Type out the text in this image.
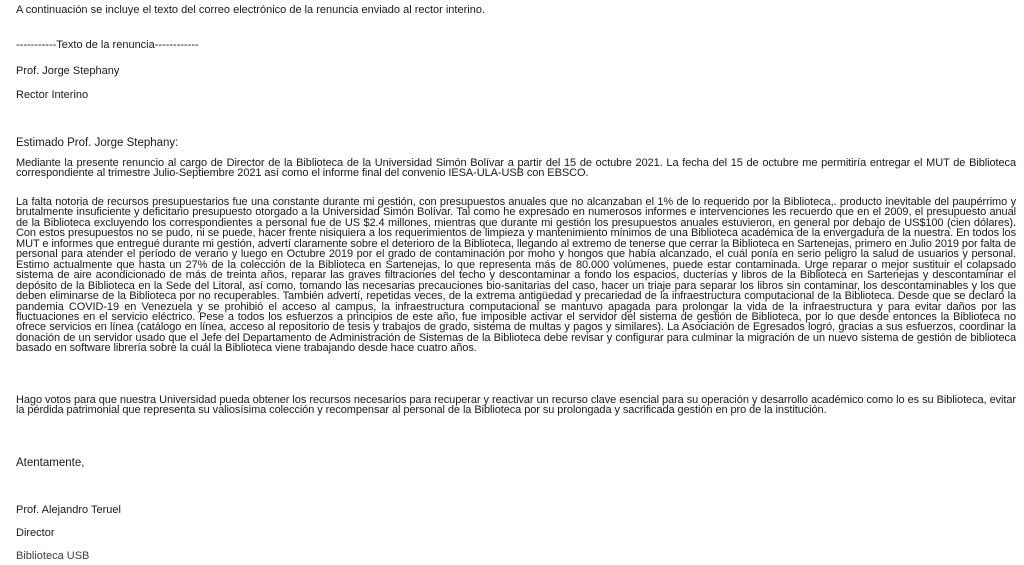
A continuación se incluye el texto del correo electrónico de la renuncia enviado al rector interino.
-----------Texto de la renuncia------------
Prof. Jorge Stephany
Rector Interino
Estimado Prof. Jorge Stephany:
Mediante la presente renuncio al cargo de Director de la Biblioteca de la Universidad Simón Bolívar a partir del 15 de octubre 2021. La fecha del 15 de octubre me permitiría entregar el MUT de Biblioteca correspondiente al trimestre Julio-Septiembre 2021 así como el informe final del convenio IESA-ULA-USB con EBSCO.
La falta notoria de recursos presupuestarios fue una constante durante mi gestión, con presupuestos anuales que no alcanzaban el 1% de lo requerido por la Biblioteca,. producto inevitable del paupérrimo y brutalmente insuficiente y deficitario presupuesto otorgado a la Universidad Simón Bolívar. Tal como he expresado en numerosos informes e intervenciones les recuerdo que en el 2009, el presupuesto anual de la Biblioteca excluyendo los correspondientes a personal fue de US $2.4 millones, mientras que durante mi gestión los presupuestos anuales estuvieron, en general por debajo de US$100 (cien dólares). Con estos presupuestos no se pudo, ni se puede, hacer frente nisiquiera a los requerimientos de limpieza y mantenimiento mínimos de una Biblioteca académica de la envergadura de la nuestra. En todos los MUT e informes que entregué durante mi gestión, advertí claramente sobre el deterioro de la Biblioteca, llegando al extremo de tenerse que cerrar la Biblioteca en Sartenejas, primero en Julio 2019 por falta de personal para atender el período de verano y luego en Octubre 2019 por el grado de contaminación por moho y hongos que había alcanzado, el cuál ponía en serio peligro la salud de usuarios y personal. Estimo actualmente que hasta un 27% de la colección de la Biblioteca en Sartenejas, lo que representa más de 80.000 volúmenes, puede estar contaminada. Urge reparar o mejor sustituir el colapsado sistema de aire acondicionado de más de treinta años, reparar las graves filtraciones del techo y descontaminar a fondo los espacios, ducterías y libros de la Biblioteca en Sartenejas y descontaminar el depósito de la Biblioteca en la Sede del Litoral, así como, tomando las necesarias precauciones bio-sanitarias del caso, hacer un triaje para separar los libros sin contaminar, los descontaminables y los que deben eliminarse de la Biblioteca por no recuperables. También advertí, repetidas veces, de la extrema antigüedad y precariedad de la infraestructura computacional de la Biblioteca. Desde que se declaró la pandemia COVID-19 en Venezuela y se prohibió el acceso al campus, la infraestructura computacional se mantuvo apagada para prolongar la vida de la infraestructura y para evitar daños por las fluctuaciones en el servicio eléctrico. Pese a todos los esfuerzos a principios de este año, fue imposible activar el servidor del sistema de gestión de Biblioteca, por lo que desde entonces la Biblioteca no ofrece servicios en línea (catálogo en línea, acceso al repositorio de tesis y trabajos de grado, sistema de multas y pagos y similares). La Asociación de Egresados logró, gracias a sus esfuerzos, coordinar la donación de un servidor usado que el Jefe del Departamento de Administración de Sistemas de la Biblioteca debe revisar y configurar para culminar la migración de un nuevo sistema de gestión de biblioteca basado en software librería sobre la cuál la Biblioteca viene trabajando desde hace cuatro años.
Hago votos para que nuestra Universidad pueda obtener los recursos necesarios para recuperar y reactivar un recurso clave esencial para su operación y desarrollo académico como lo es su Biblioteca, evitar la pérdida patrimonial que representa su valiosísima colección y recompensar al personal de la Biblioteca por su prolongada y sacrificada gestión en pro de la institución.
Atentamente,
Prof. Alejandro Teruel
Director
Biblioteca USB
